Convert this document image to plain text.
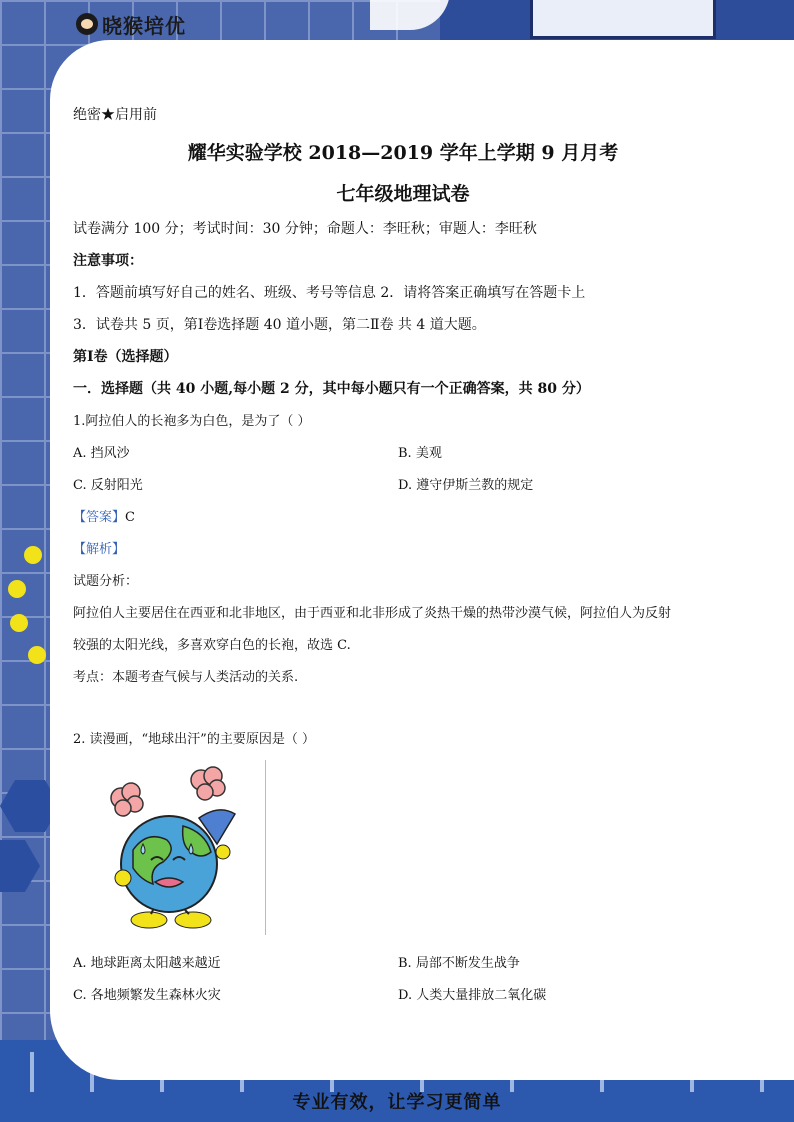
晓猴培优
绝密★启用前
耀华实验学校 2018—2019 学年上学期 9 月月考
七年级地理试卷
试卷满分 100 分；考试时间：30 分钟；命题人：李旺秋；审题人：李旺秋
注意事项：
1．答题前填写好自己的姓名、班级、考号等信息 2．请将答案正确填写在答题卡上
3．试卷共 5 页，第Ⅰ卷选择题 40 道小题，第二Ⅱ卷 共 4 道大题。
第Ⅰ卷（选择题）
一．选择题（共 40 小题,每小题 2 分，其中每小题只有一个正确答案，共 80 分）
1.阿拉伯人的长袍多为白色，是为了（ ）
A. 挡风沙	B. 美观
C. 反射阳光	D. 遵守伊斯兰教的规定
【答案】C
【解析】
试题分析：
阿拉伯人主要居住在西亚和北非地区，由于西亚和北非形成了炎热干燥的热带沙漠气候，阿拉伯人为反射
较强的太阳光线，多喜欢穿白色的长袍，故选 C.
考点：本题考查气候与人类活动的关系.
2. 读漫画，“地球出汗”的主要原因是（ ）
A. 地球距离太阳越来越近	B. 局部不断发生战争
C. 各地频繁发生森林火灾	D. 人类大量排放二氧化碳
专业有效，让学习更简单
